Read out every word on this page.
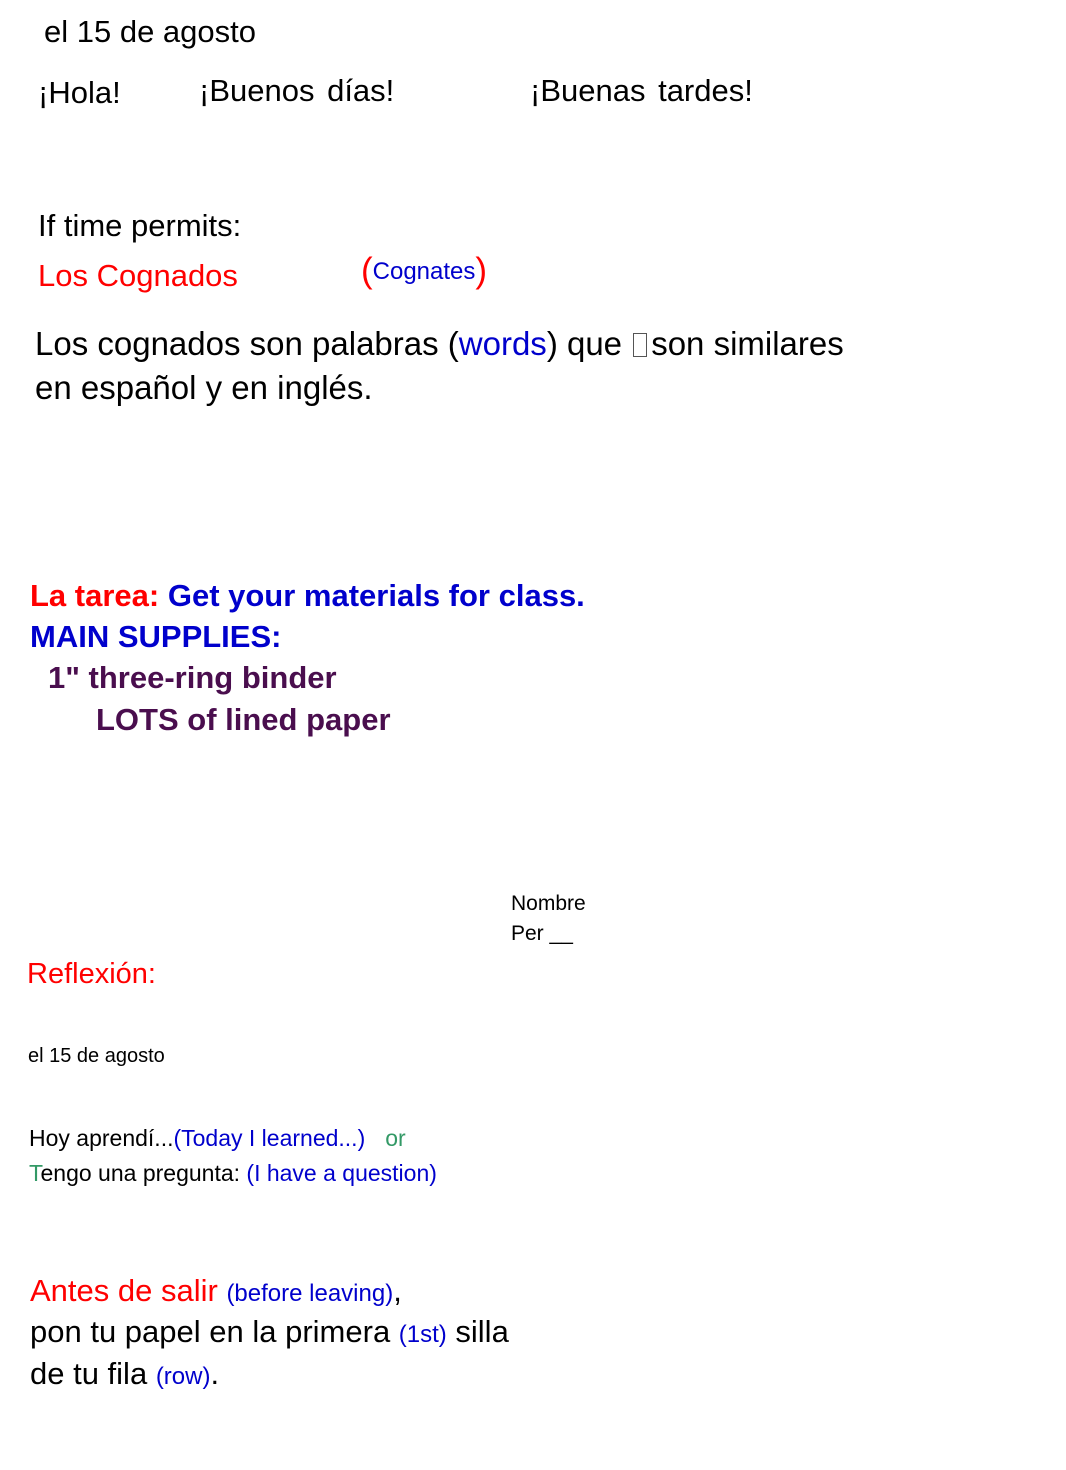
el 15 de agosto
¡Hola!	¡Buenos días!	¡Buenas tardes!
If time permits:
Los Cognados	(Cognates)
Los cognados son palabras (words) que son similares
en español y en inglés.
La tarea: Get your materials for class.
MAIN SUPPLIES:
1" three-ring binder
LOTS of lined paper
Nombre
Per __
Reflexión:
el 15 de agosto
Hoy aprendí...(Today I learned...) or
Tengo una pregunta: (I have a question)
Antes de salir (before leaving),
pon tu papel en la primera (1st) silla
de tu fila (row).
